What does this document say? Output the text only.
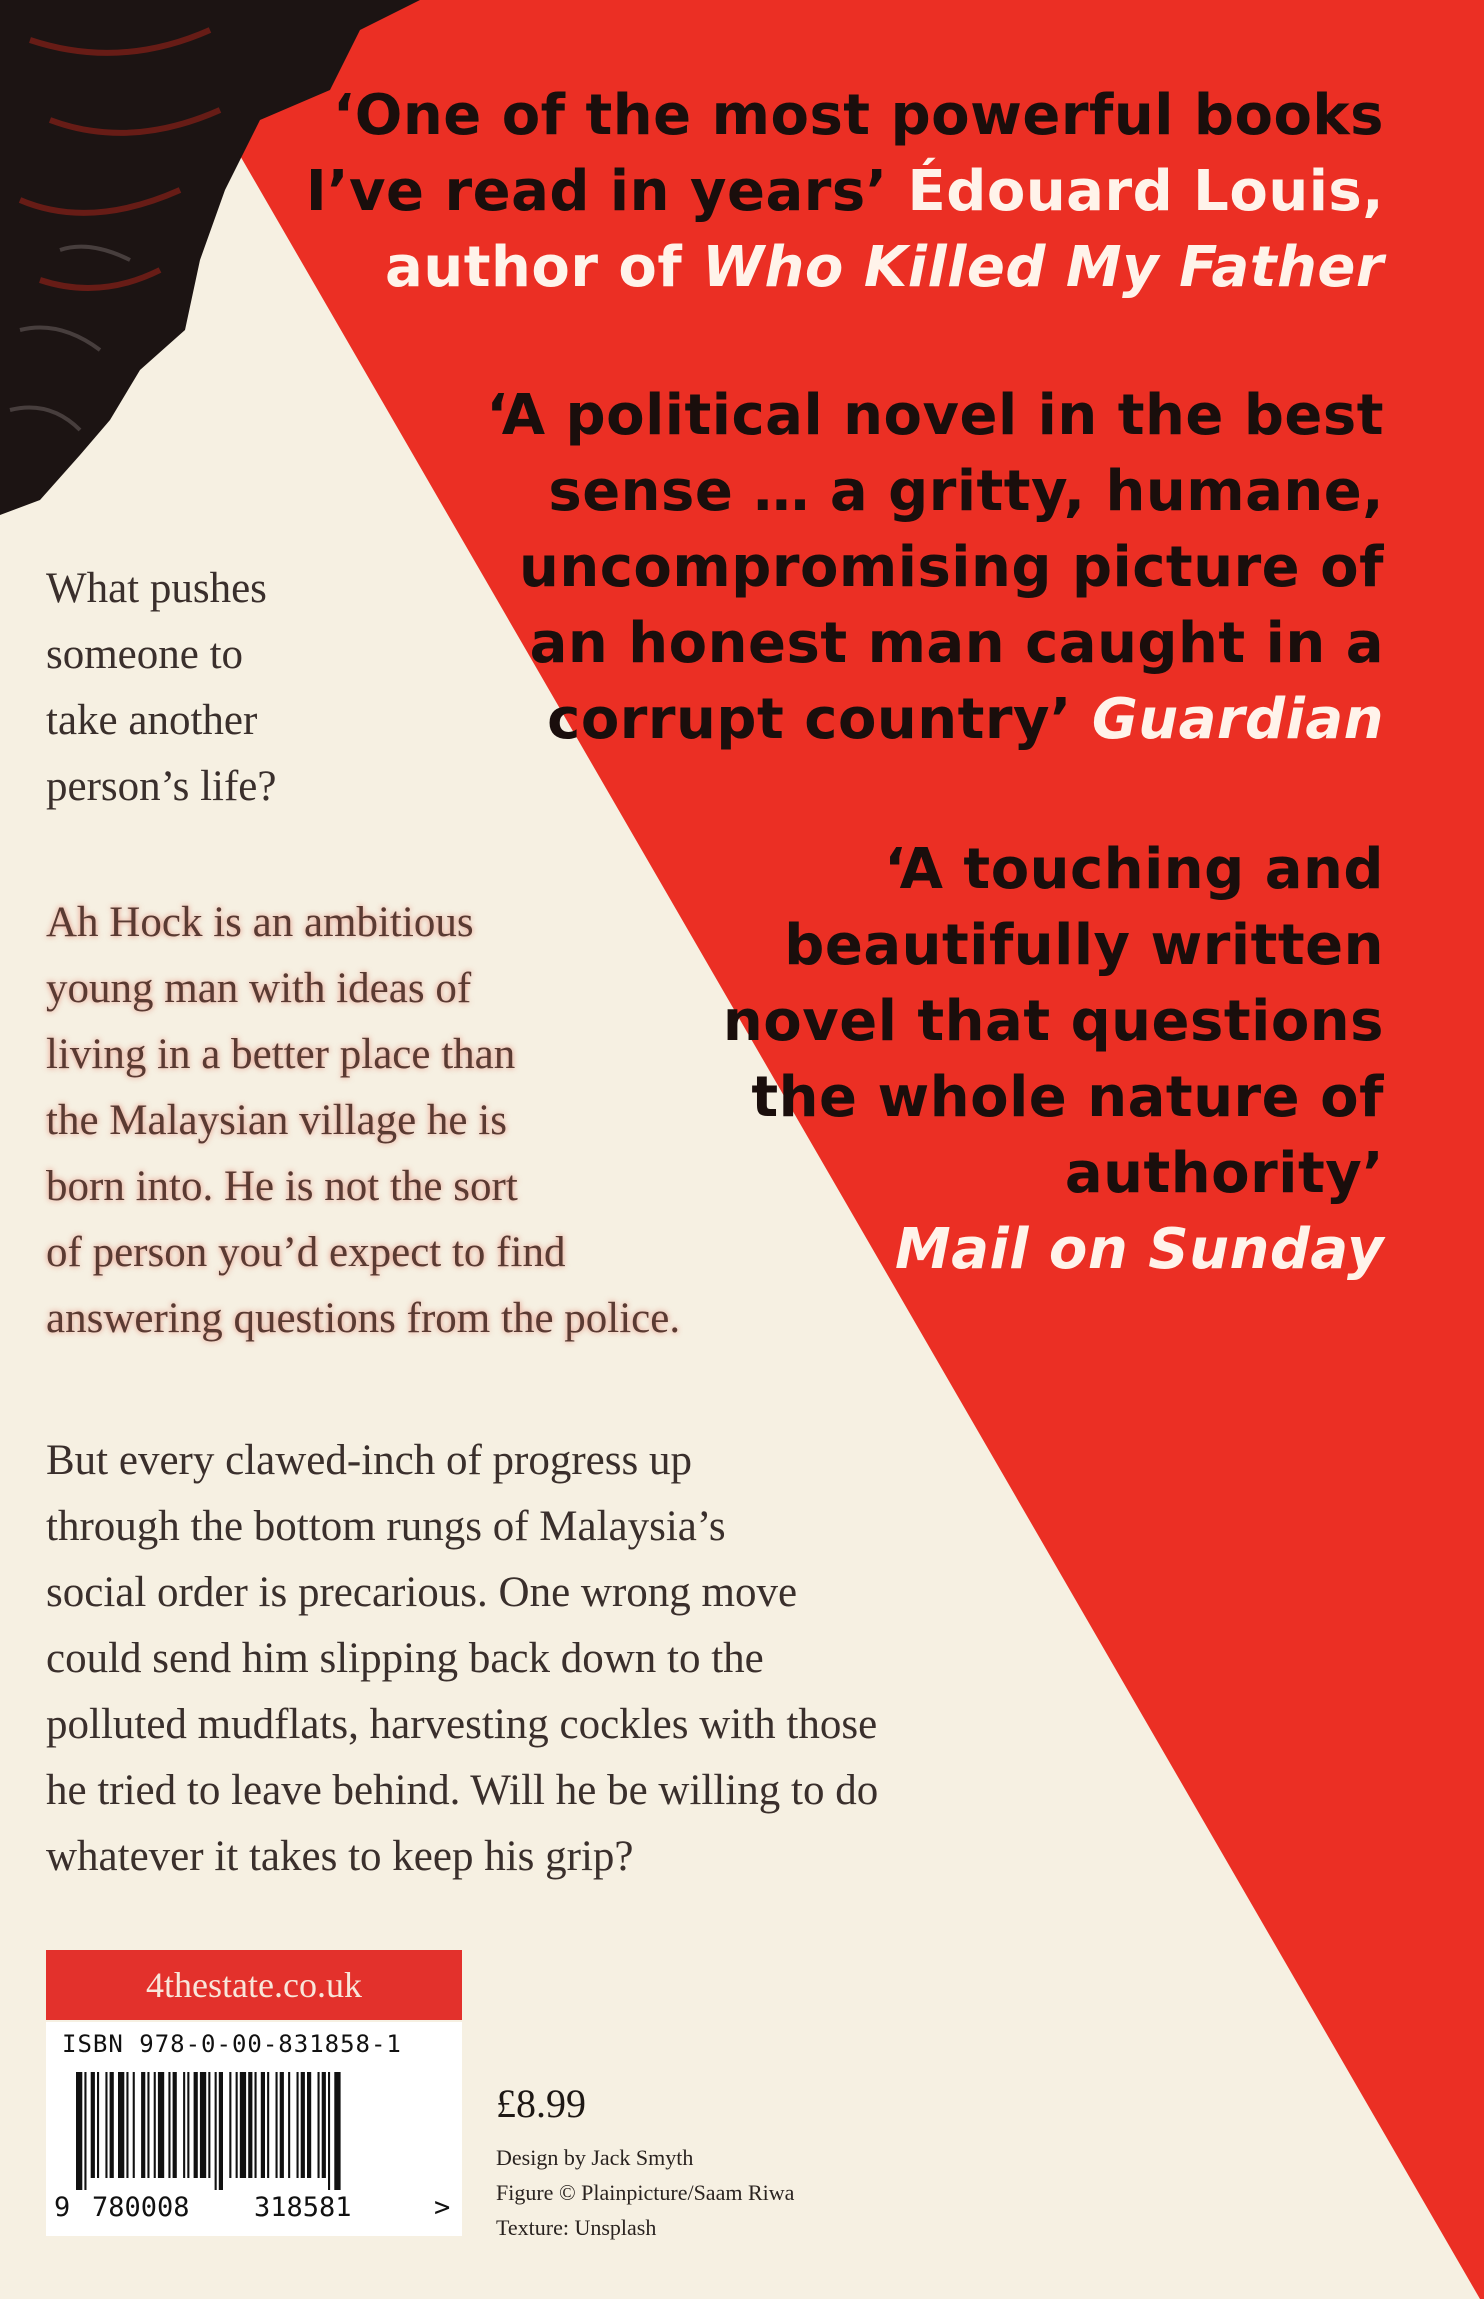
‘One of the most powerful books
I’ve read in years’ Édouard Louis,
author of Who Killed My Father
‘A political novel in the best
sense … a gritty, humane,
uncompromising picture of
an honest man caught in a
corrupt country’ Guardian
‘A touching and
beautifully written
novel that questions
the whole nature of
authority’
Mail on Sunday
What pushes
someone to
take another
person’s life?
Ah Hock is an ambitious
young man with ideas of
living in a better place than
the Malaysian village he is
born into. He is not the sort
of person you’d expect to find
answering questions from the police.
But every clawed-inch of progress up
through the bottom rungs of Malaysia’s
social order is precarious. One wrong move
could send him slipping back down to the
polluted mudflats, harvesting cockles with those
he tried to leave behind. Will he be willing to do
whatever it takes to keep his grip?
4thestate.co.uk
ISBN 978-0-00-831858-1
9 780008 318581	>
£8.99
Design by Jack Smyth
Figure © Plainpicture/Saam Riwa
Texture: Unsplash
